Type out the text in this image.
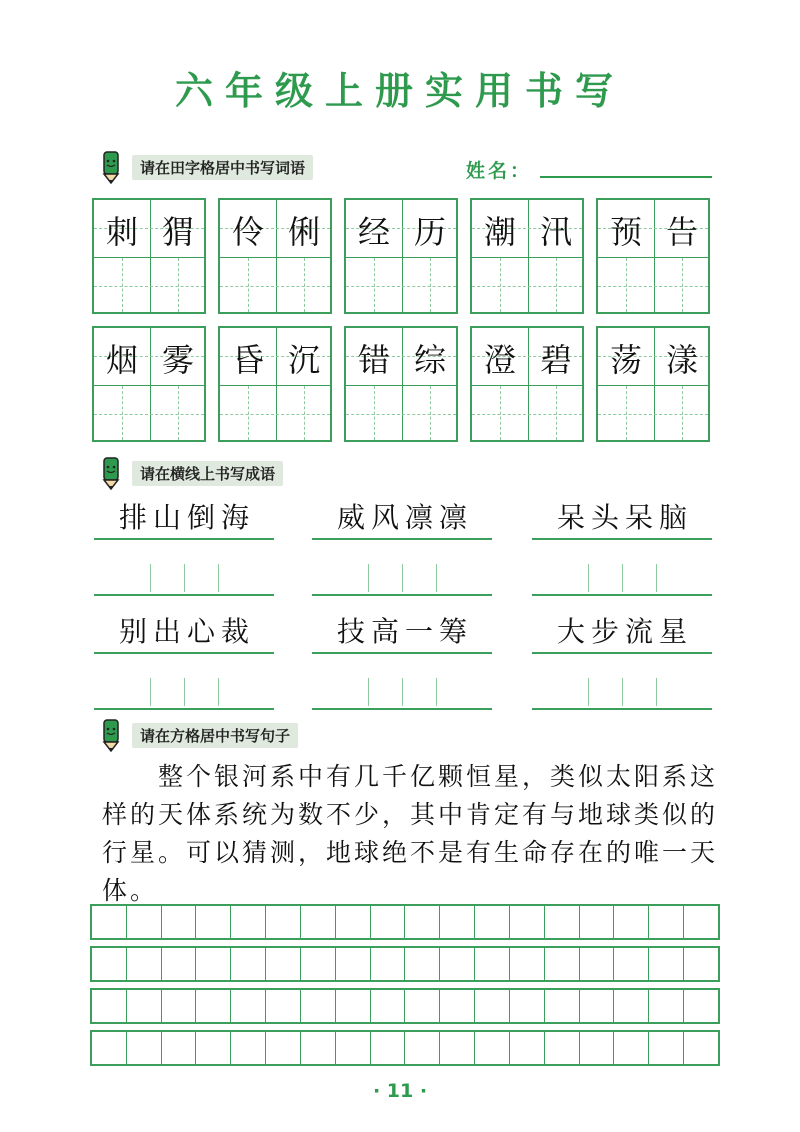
六年级上册实用书写
请在田字格居中书写词语	姓名：
刺 猬	伶 俐	经 历	潮 汛	预 告
烟 雾	昏 沉	错 综	澄 碧	荡 漾
请在横线上书写成语
排 山 倒 海	威 风 凛 凛	呆 头 呆 脑
别 出 心 裁	技 高 一 筹	大 步 流 星
请在方格居中书写句子
　　整个银河系中有几千亿颗恒星，类似太阳系这样的天体系统为数不少，其中肯定有与地球类似的行星。可以猜测，地球绝不是有生命存在的唯一天体。
· 11 ·
